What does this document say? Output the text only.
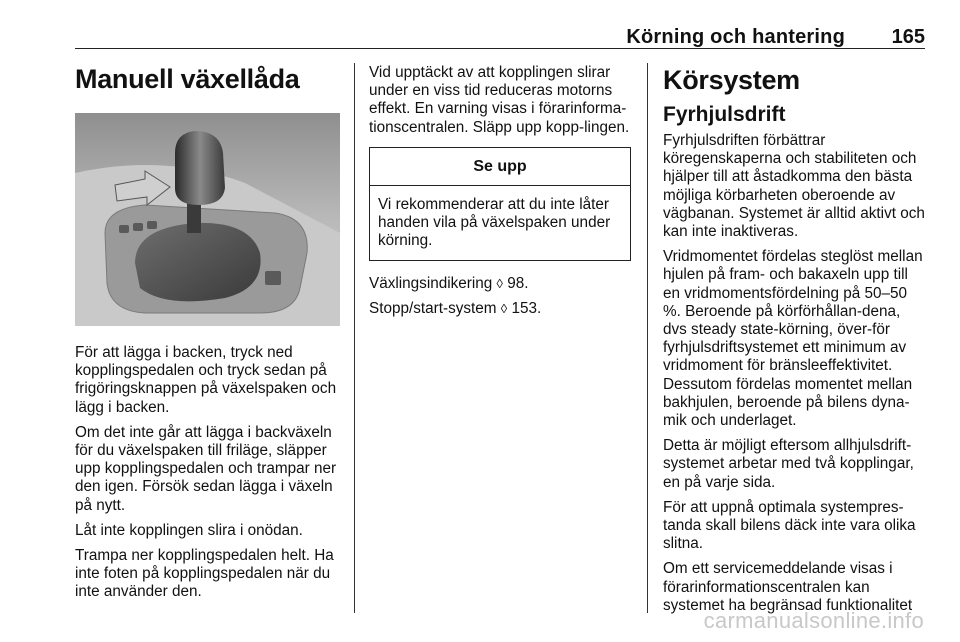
Körning och hantering 165
Manuell växellåda

För att lägga i backen, tryck ned kopplingspedalen och tryck sedan på frigöringsknappen på växelspaken och lägg i backen.

Om det inte går att lägga i backväxeln för du växelspaken till friläge, släpper upp kopplingspedalen och trampar ner den igen. Försök sedan lägga i växeln på nytt.

Låt inte kopplingen slira i onödan.

Trampa ner kopplingspedalen helt. Ha inte foten på kopplingspedalen när du inte använder den.

Vid upptäckt av att kopplingen slirar under en viss tid reduceras motorns effekt. En varning visas i förarinforma-tionscentralen. Släpp upp kopp-lingen.

Se upp
Vi rekommenderar att du inte låter handen vila på växelspaken under körning.

Växlingsindikering ◊ 98.

Stopp/start-system ◊ 153.

Körsystem
Fyrhjulsdrift

Fyrhjulsdriften förbättrar köregenskaperna och stabiliteten och hjälper till att åstadkomma den bästa möjliga körbarheten oberoende av vägbanan. Systemet är alltid aktivt och kan inte inaktiveras.

Vridmomentet fördelas steglöst mellan hjulen på fram- och bakaxeln upp till en vridmomentsfördelning på 50–50 %. Beroende på körförhållan-dena, dvs steady state-körning, över-för fyrhjulsdriftsystemet ett minimum av vridmoment för bränsleeffektivitet. Dessutom fördelas momentet mellan bakhjulen, beroende på bilens dyna-mik och underlaget.

Detta är möjligt eftersom allhjulsdrift-systemet arbetar med två kopplingar, en på varje sida.

För att uppnå optimala systempres-tanda skall bilens däck inte vara olika slitna.

Om ett servicemeddelande visas i förarinformationscentralen kan systemet ha begränsad funktionalitet

carmanualsonline.info
